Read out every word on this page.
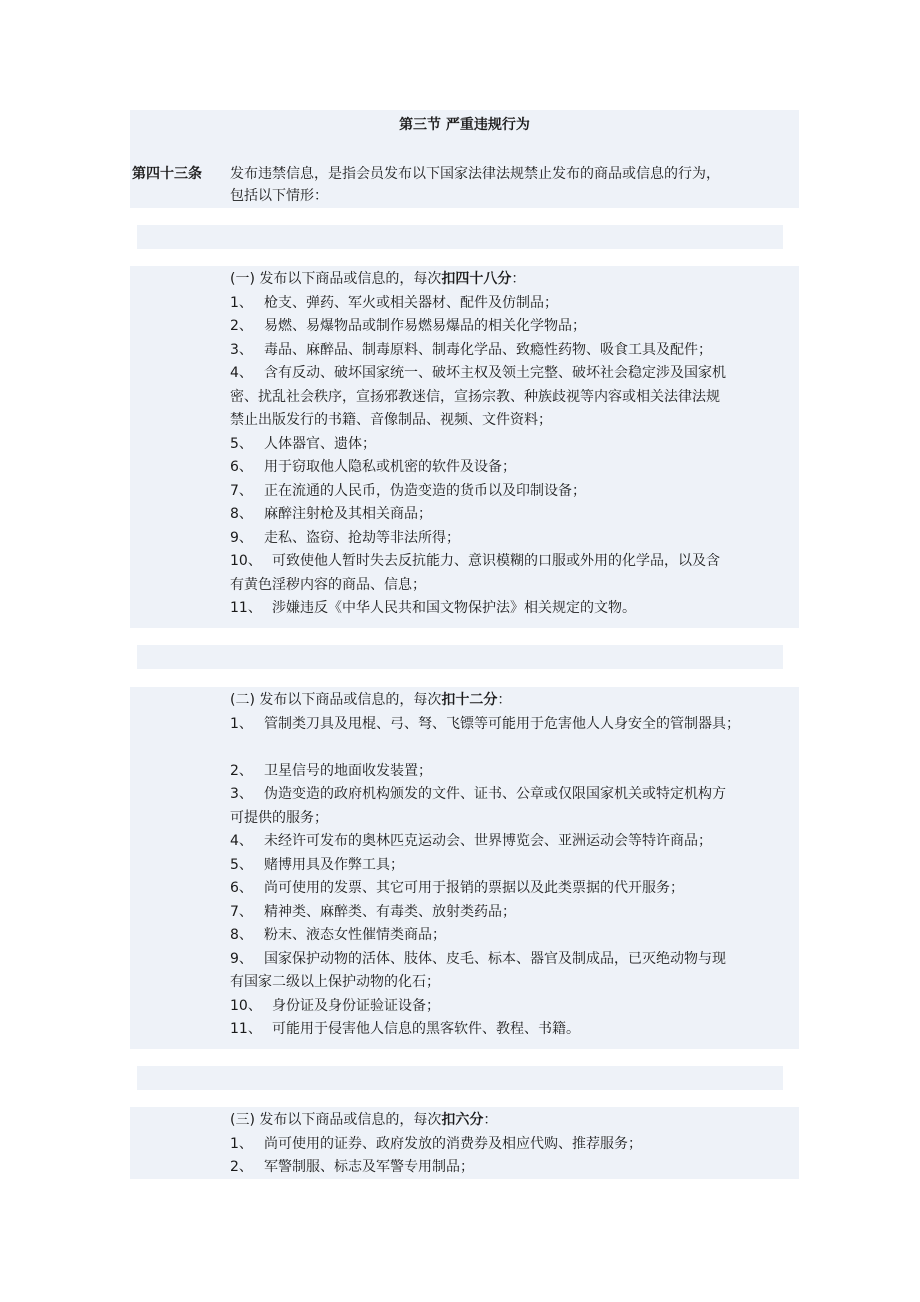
第三节 严重违规行为
第四十三条 发布违禁信息，是指会员发布以下国家法律法规禁止发布的商品或信息的行为，
包括以下情形：
(一) 发布以下商品或信息的，每次扣四十八分：
1、 枪支、弹药、军火或相关器材、配件及仿制品；
2、 易燃、易爆物品或制作易燃易爆品的相关化学物品；
3、 毒品、麻醉品、制毒原料、制毒化学品、致瘾性药物、吸食工具及配件；
4、 含有反动、破坏国家统一、破坏主权及领土完整、破坏社会稳定涉及国家机
密、扰乱社会秩序，宣扬邪教迷信，宣扬宗教、种族歧视等内容或相关法律法规
禁止出版发行的书籍、音像制品、视频、文件资料；
5、 人体器官、遗体；
6、 用于窃取他人隐私或机密的软件及设备；
7、 正在流通的人民币，伪造变造的货币以及印制设备；
8、 麻醉注射枪及其相关商品；
9、 走私、盗窃、抢劫等非法所得；
10、 可致使他人暂时失去反抗能力、意识模糊的口服或外用的化学品，以及含
有黄色淫秽内容的商品、信息；
11、 涉嫌违反《中华人民共和国文物保护法》相关规定的文物。
(二) 发布以下商品或信息的，每次扣十二分：
1、 管制类刀具及甩棍、弓、弩、飞镖等可能用于危害他人人身安全的管制器具；
2、 卫星信号的地面收发装置；
3、 伪造变造的政府机构颁发的文件、证书、公章或仅限国家机关或特定机构方
可提供的服务；
4、 未经许可发布的奥林匹克运动会、世界博览会、亚洲运动会等特许商品；
5、 赌博用具及作弊工具；
6、 尚可使用的发票、其它可用于报销的票据以及此类票据的代开服务；
7、 精神类、麻醉类、有毒类、放射类药品；
8、 粉末、液态女性催情类商品；
9、 国家保护动物的活体、肢体、皮毛、标本、器官及制成品，已灭绝动物与现
有国家二级以上保护动物的化石；
10、 身份证及身份证验证设备；
11、 可能用于侵害他人信息的黑客软件、教程、书籍。
(三) 发布以下商品或信息的，每次扣六分：
1、 尚可使用的证券、政府发放的消费券及相应代购、推荐服务；
2、 军警制服、标志及军警专用制品；
